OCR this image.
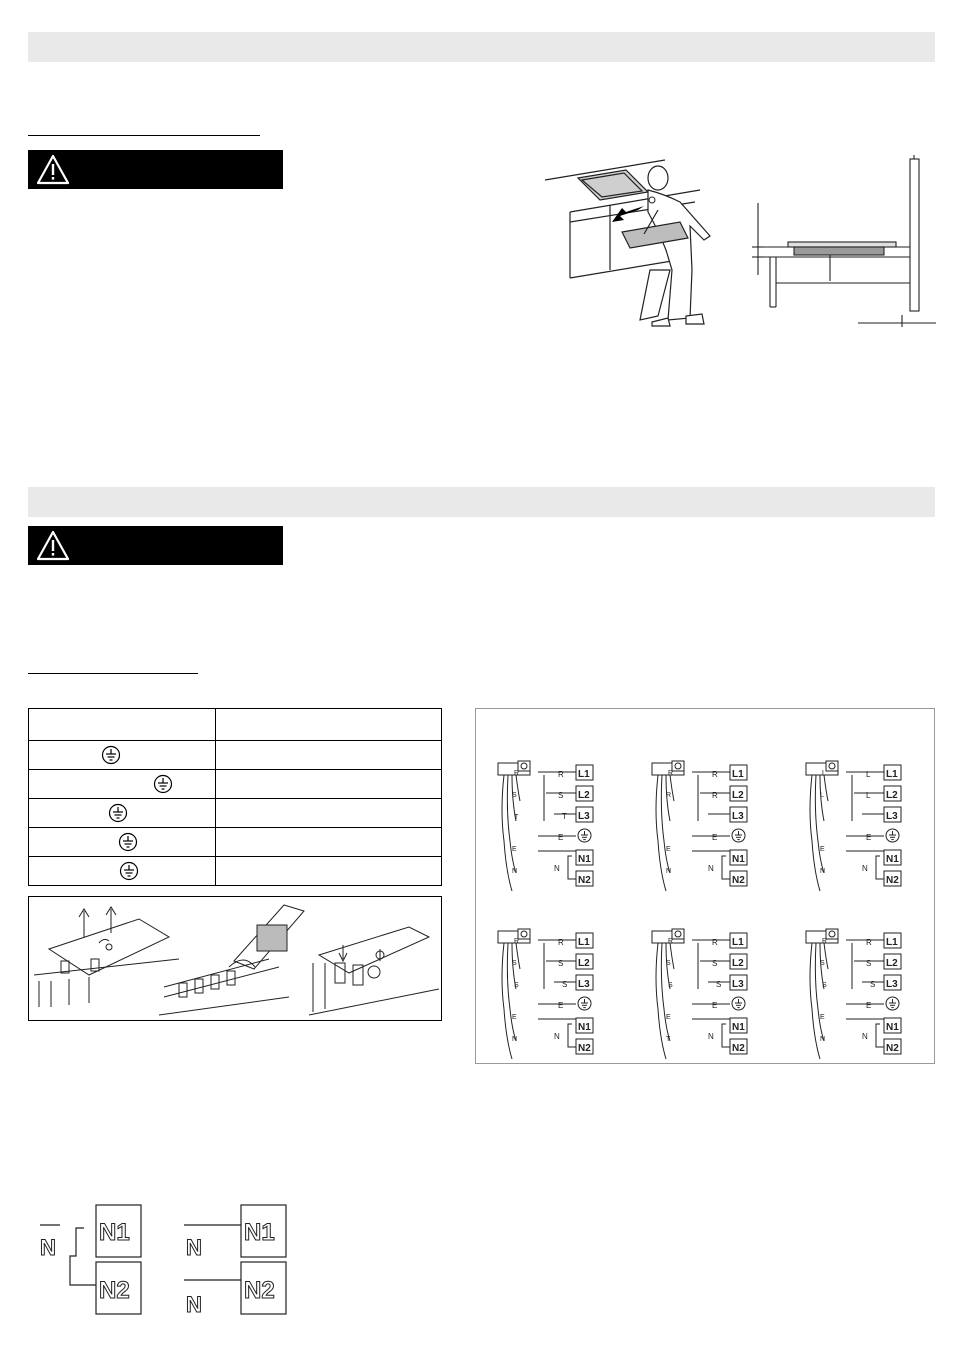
L1
L2
L3
N1
N2
R
S
T
E
N
R
S
T
E
N
L1
L2
L3
N1
N2
R
R
E
N
R
R
E
N
L1
L2
L3
N1
N2
L
L
E
N
L
L
E
N
L1
L2
L3
N1
N2
R
S
S
E
N
R
S
S
E
N
L1
L2
L3
N1
N2
R
S
S
E
T
R
S
S
E
N
L1
L2
L3
N1
N2
R
S
S
E
N
R
S
S
E
N
N
N1
N2
N
N
N1
N2
